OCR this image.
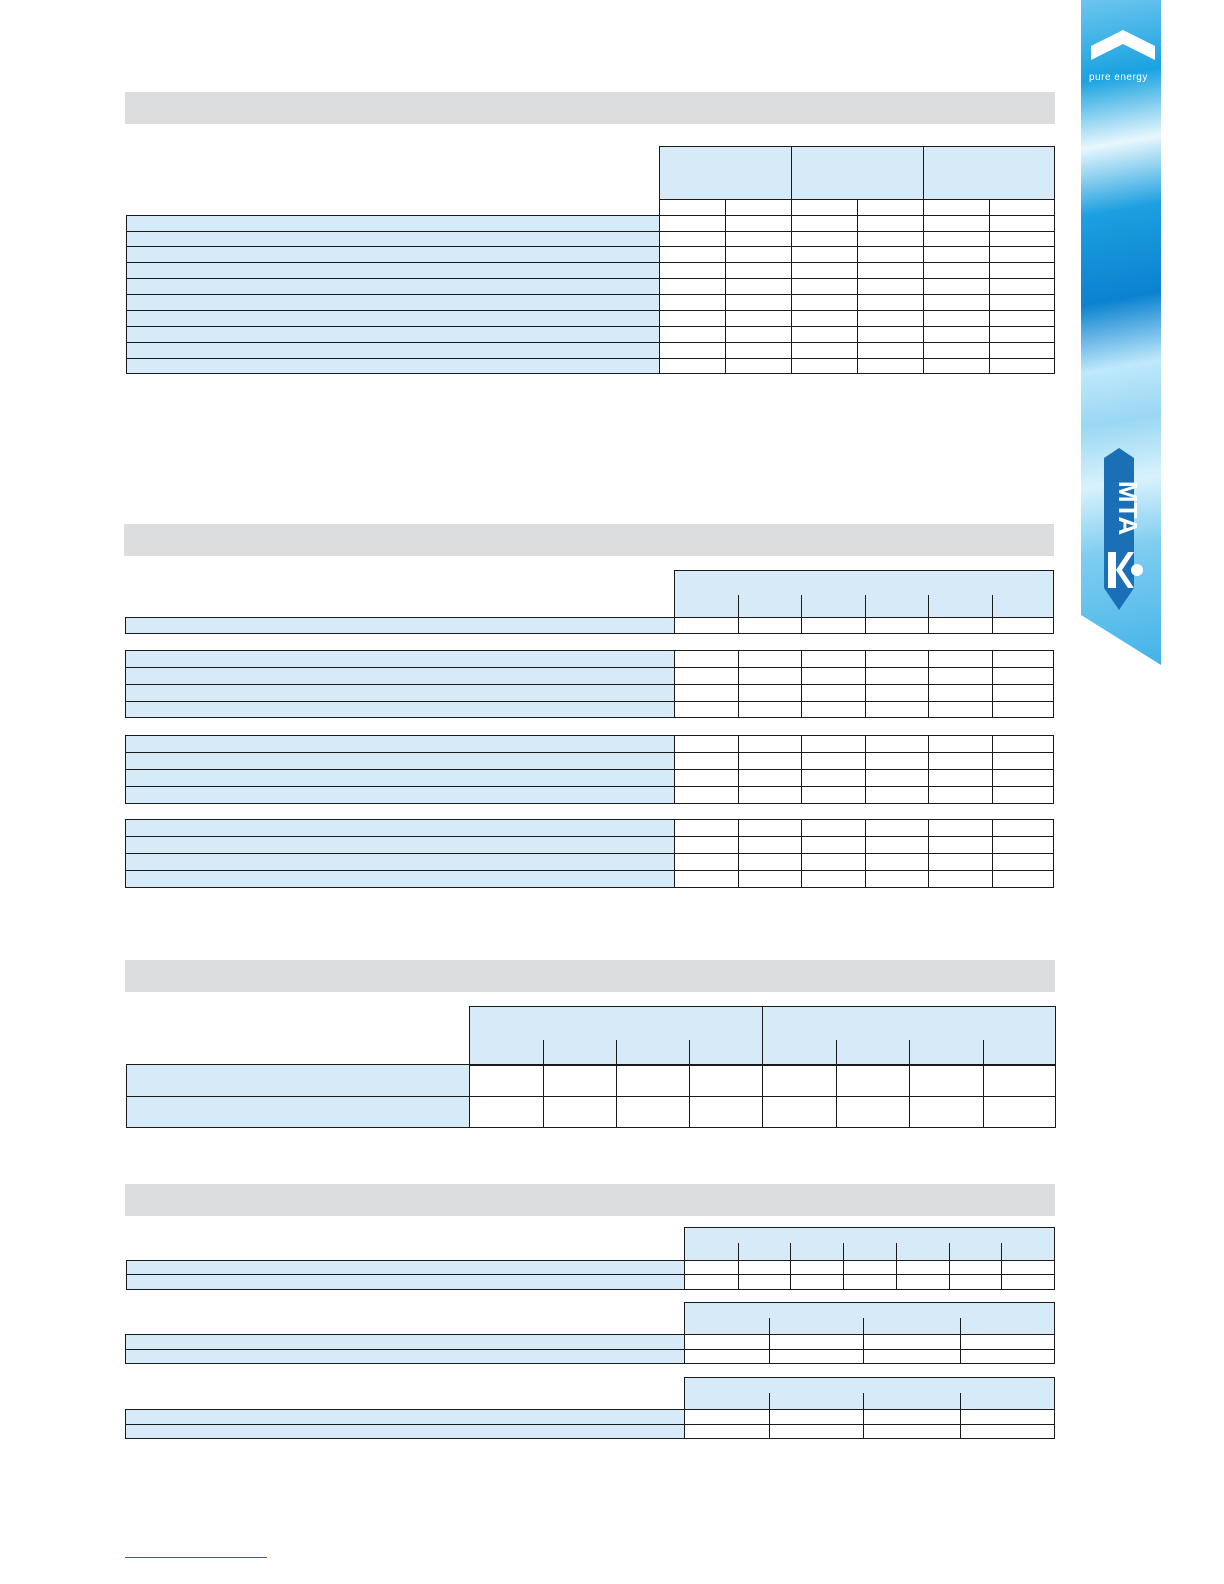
pure energy
MTA
